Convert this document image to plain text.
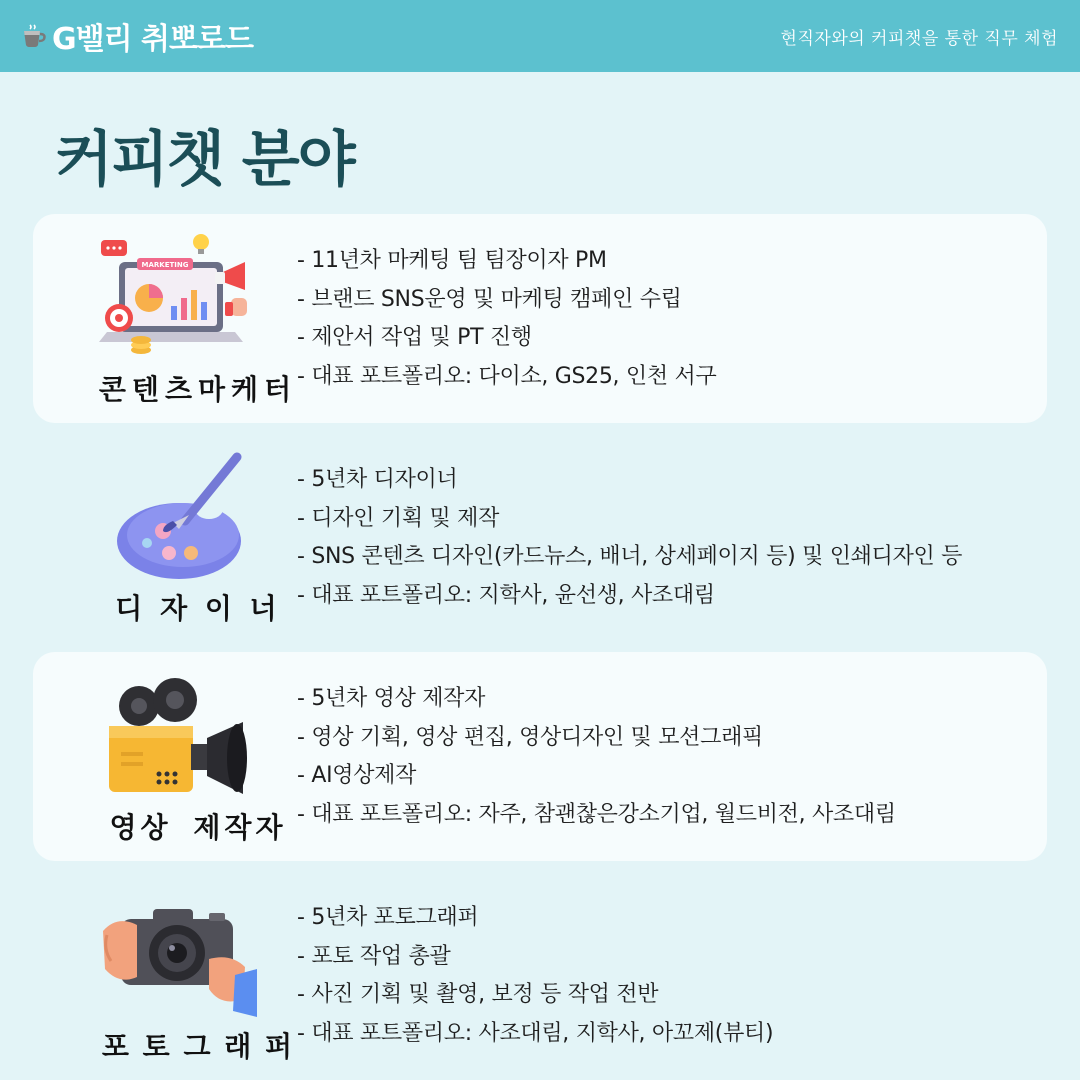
G밸리 취뽀로드	현직자와의 커피챗을 통한 직무 체험
커피챗 분야
MARKETING
콘텐츠마케터
- 11년차 마케팅 팀 팀장이자 PM
- 브랜드 SNS운영 및 마케팅 캠페인 수립
- 제안서 작업 및 PT 진행
- 대표 포트폴리오: 다이소, GS25, 인천 서구
디 자 이 너
- 5년차 디자이너
- 디자인 기획 및 제작
- SNS 콘텐츠 디자인(카드뉴스, 배너, 상세페이지 등) 및 인쇄디자인 등
- 대표 포트폴리오: 지학사, 윤선생, 사조대림
영상 제작자
- 5년차 영상 제작자
- 영상 기획, 영상 편집, 영상디자인 및 모션그래픽
- AI영상제작
- 대표 포트폴리오: 자주, 참괜찮은강소기업, 월드비전, 사조대림
포 토 그 래 퍼
- 5년차 포토그래퍼
- 포토 작업 총괄
- 사진 기획 및 촬영, 보정 등 작업 전반
- 대표 포트폴리오: 사조대림, 지학사, 아꼬제(뷰티)
